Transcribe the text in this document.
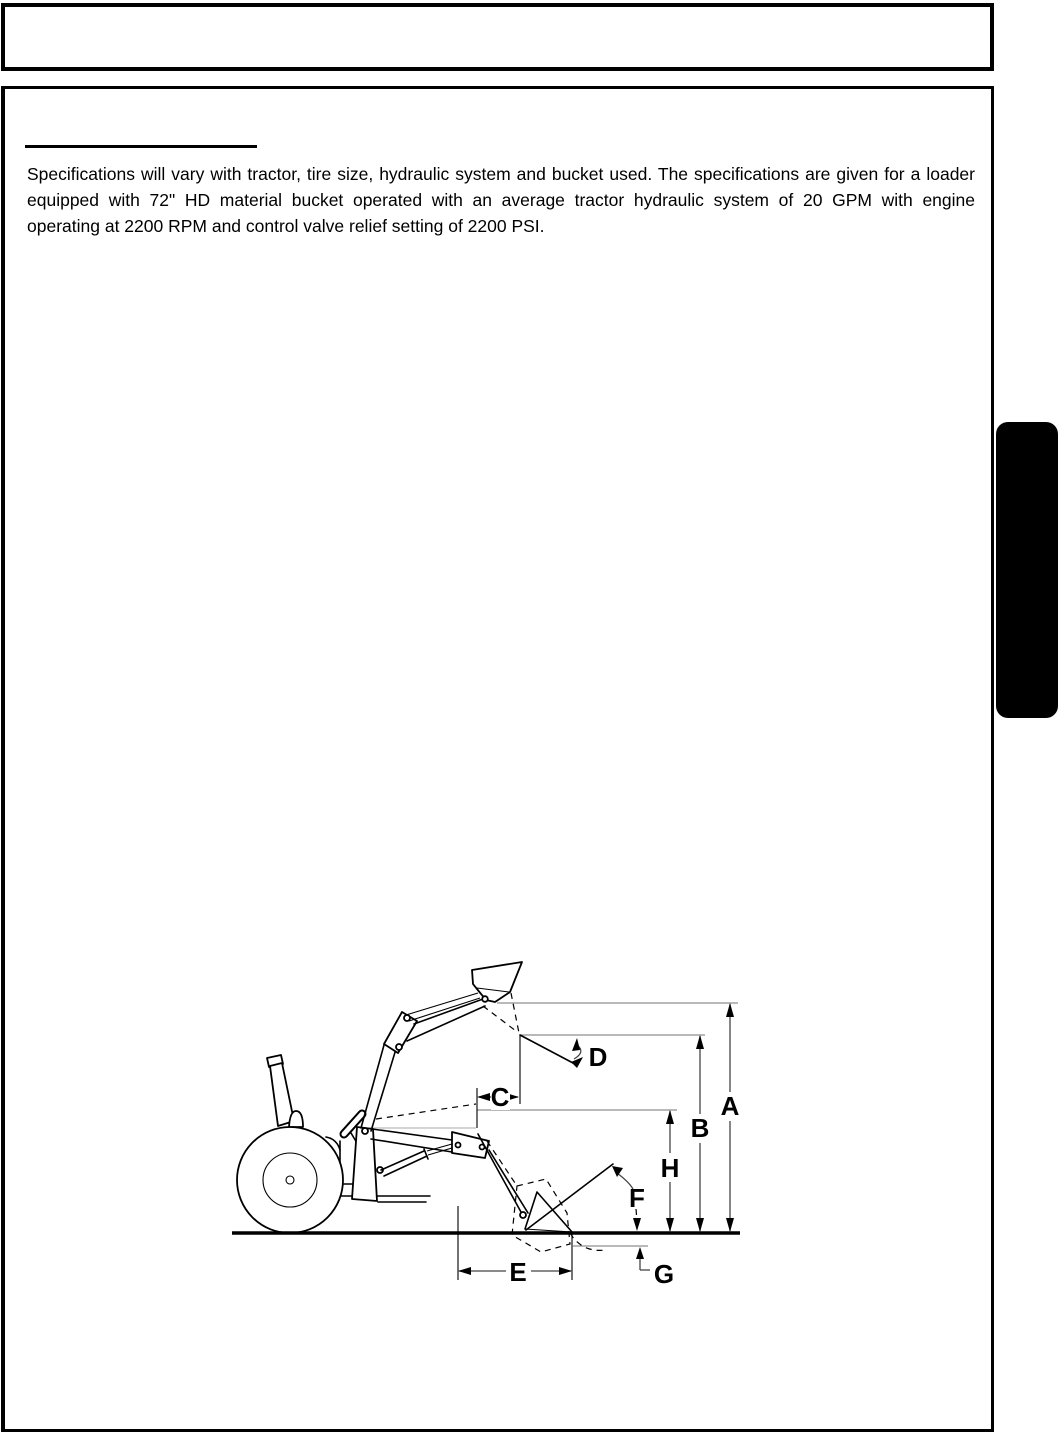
Specifications will vary with tractor, tire size, hydraulic system and bucket used. The specifications are given for a loader
equipped with 72" HD material bucket operated with an average tractor hydraulic system of 20 GPM with engine
operating at 2200 RPM and control valve relief setting of 2200 PSI.
A
B
C
D
E
F
G
H
